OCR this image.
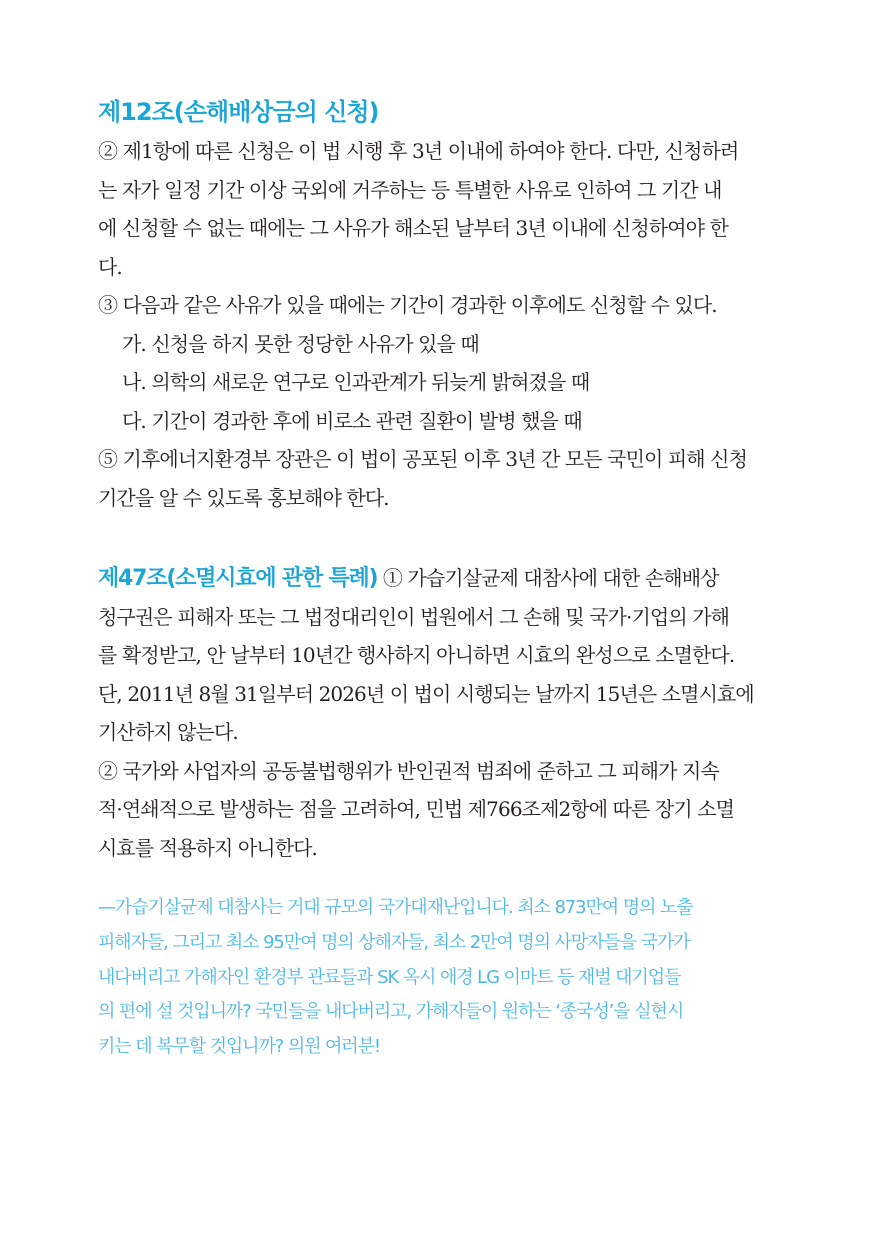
제12조(손해배상금의 신청)

② 제1항에 따른 신청은 이 법 시행 후 3년 이내에 하여야 한다. 다만, 신청하려

는 자가 일정 기간 이상 국외에 거주하는 등 특별한 사유로 인하여 그 기간 내

에 신청할 수 없는 때에는 그 사유가 해소된 날부터 3년 이내에 신청하여야 한

다.

③ 다음과 같은 사유가 있을 때에는 기간이 경과한 이후에도 신청할 수 있다.

가. 신청을 하지 못한 정당한 사유가 있을 때

나. 의학의 새로운 연구로 인과관계가 뒤늦게 밝혀졌을 때

다. 기간이 경과한 후에 비로소 관련 질환이 발병 했을 때

⑤ 기후에너지환경부 장관은 이 법이 공포된 이후 3년 간 모든 국민이 피해 신청

기간을 알 수 있도록 홍보해야 한다.

제47조(소멸시효에 관한 특례) ① 가습기살균제 대참사에 대한 손해배상

청구권은 피해자 또는 그 법정대리인이 법원에서 그 손해 및 국가·기업의 가해

를 확정받고, 안 날부터 10년간 행사하지 아니하면 시효의 완성으로 소멸한다.

단, 2011년 8월 31일부터 2026년 이 법이 시행되는 날까지 15년은 소멸시효에

기산하지 않는다.

② 국가와 사업자의 공동불법행위가 반인권적 범죄에 준하고 그 피해가 지속

적·연쇄적으로 발생하는 점을 고려하여, 민법 제766조제2항에 따른 장기 소멸

시효를 적용하지 아니한다.

—가습기살균제 대참사는 거대 규모의 국가대재난입니다. 최소 873만여 명의 노출

피해자들, 그리고 최소 95만여 명의 상해자들, 최소 2만여 명의 사망자들을 국가가

내다버리고 가해자인 환경부 관료들과 SK 옥시 애경 LG 이마트 등 재벌 대기업들

의 편에 설 것입니까? 국민들을 내다버리고, 가해자들이 원하는 ‘종국성’을 실현시

키는 데 복무할 것입니까? 의원 여러분!
